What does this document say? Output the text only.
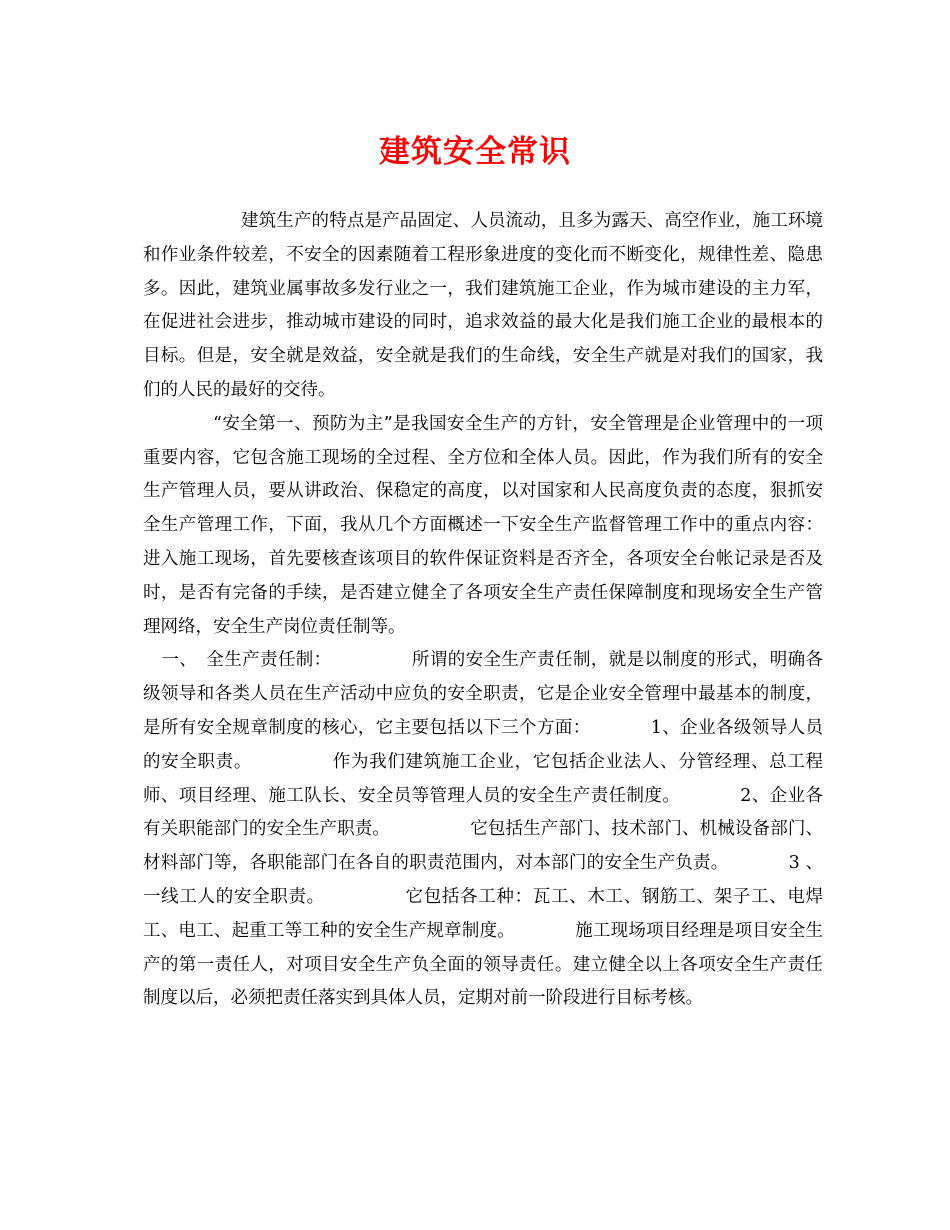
建筑安全常识

建筑生产的特点是产品固定、人员流动，且多为露天、高空作业，施工环境和作业条件较差，不安全的因素随着工程形象进度的变化而不断变化，规律性差、隐患多。因此，建筑业属事故多发行业之一，我们建筑施工企业，作为城市建设的主力军，在促进社会进步，推动城市建设的同时，追求效益的最大化是我们施工企业的最根本的目标。但是，安全就是效益，安全就是我们的生命线，安全生产就是对我们的国家，我们的人民的最好的交待。

“安全第一、预防为主”是我国安全生产的方针，安全管理是企业管理中的一项重要内容，它包含施工现场的全过程、全方位和全体人员。因此，作为我们所有的安全生产管理人员，要从讲政治、保稳定的高度，以对国家和人民高度负责的态度，狠抓安全生产管理工作，下面，我从几个方面概述一下安全生产监督管理工作中的重点内容：进入施工现场，首先要核查该项目的软件保证资料是否齐全，各项安全台帐记录是否及时，是否有完备的手续，是否建立健全了各项安全生产责任保障制度和现场安全生产管理网络，安全生产岗位责任制等。

一、　全生产责任制：	所谓的安全生产责任制，就是以制度的形式，明确各级领导和各类人员在生产活动中应负的安全职责，它是企业安全管理中最基本的制度，是所有安全规章制度的核心，它主要包括以下三个方面：	1、企业各级领导人员的安全职责。	作为我们建筑施工企业，它包括企业法人、分管经理、总工程师、项目经理、施工队长、安全员等管理人员的安全生产责任制度。	2、企业各有关职能部门的安全生产职责。	它包括生产部门、技术部门、机械设备部门、材料部门等，各职能部门在各自的职责范围内，对本部门的安全生产负责。	3 、一线工人的安全职责。	它包括各工种：瓦工、木工、钢筋工、架子工、电焊工、电工、起重工等工种的安全生产规章制度。	施工现场项目经理是项目安全生产的第一责任人，对项目安全生产负全面的领导责任。建立健全以上各项安全生产责任制度以后，必须把责任落实到具体人员，定期对前一阶段进行目标考核。
